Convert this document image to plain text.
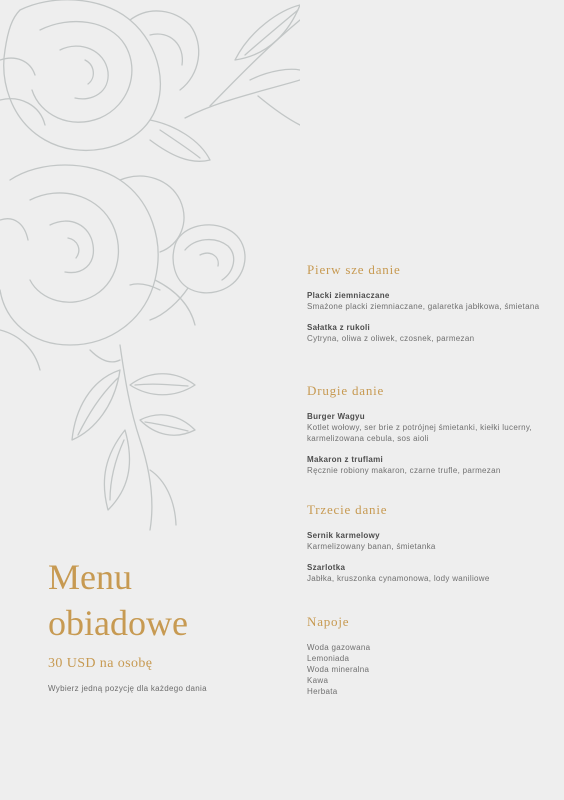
Menu
obiadowe
30 USD na osobę
Wybierz jedną pozycję dla każdego dania
Pierw sze danie
Placki ziemniaczane
Smażone placki ziemniaczane, galaretka jabłkowa, śmietana
Sałatka z rukoli
Cytryna, oliwa z oliwek, czosnek, parmezan
Drugie danie
Burger Wagyu
Kotlet wołowy, ser brie z potrójnej śmietanki, kiełki lucerny, karmelizowana cebula, sos aioli
Makaron z truflami
Ręcznie robiony makaron, czarne trufle, parmezan
Trzecie danie
Sernik karmelowy
Karmelizowany banan, śmietanka
Szarlotka
Jabłka, kruszonka cynamonowa, lody waniliowe
Napoje
Woda gazowana
Lemoniada
Woda mineralna
Kawa
Herbata
